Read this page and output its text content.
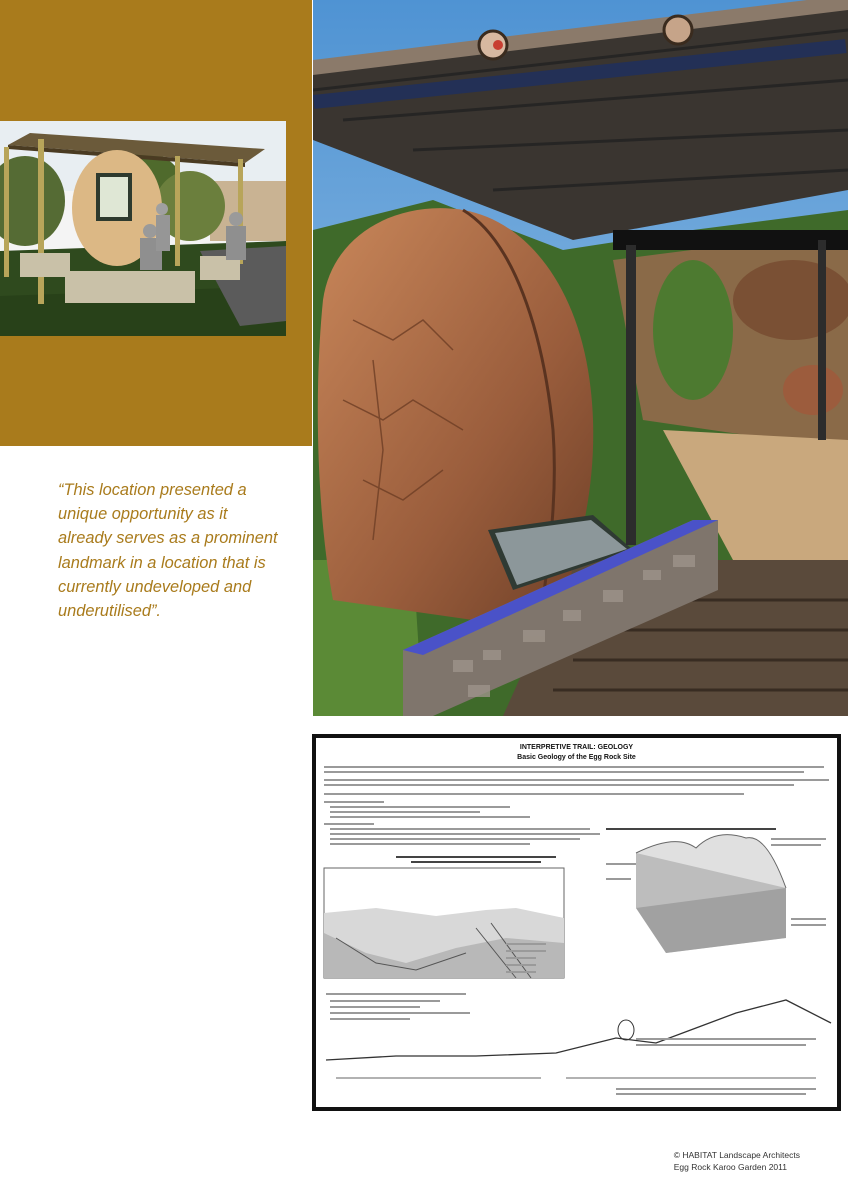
“This location presented a
unique opportunity as it
already serves as a prominent
landmark in a location that is
currently undeveloped and
underutilised”.
INTERPRETIVE TRAIL: GEOLOGY
Basic Geology of the Egg Rock Site
© HABITAT Landscape Architects
Egg Rock Karoo Garden 2011
